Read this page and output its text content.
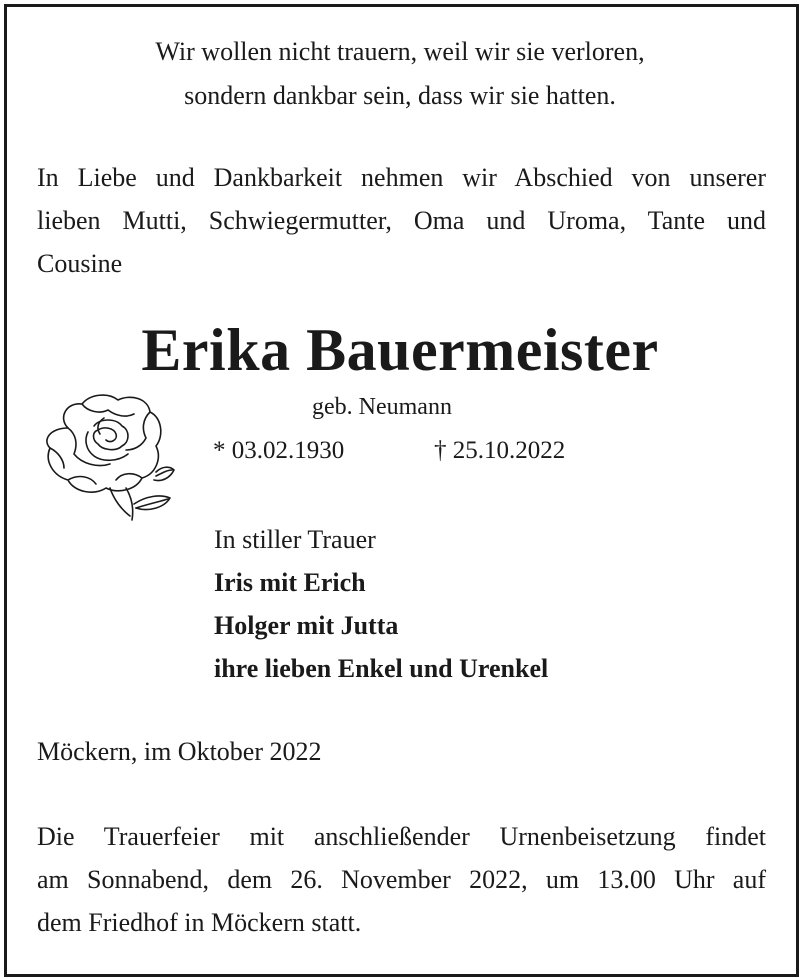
Wir wollen nicht trauern, weil wir sie verloren,
sondern dankbar sein, dass wir sie hatten.
In Liebe und Dankbarkeit nehmen wir Abschied von unserer
lieben Mutti, Schwiegermutter, Oma und Uroma, Tante und
Cousine
Erika Bauermeister
geb. Neumann
* 03.02.1930	† 25.10.2022
In stiller Trauer
Iris mit Erich
Holger mit Jutta
ihre lieben Enkel und Urenkel
Möckern, im Oktober 2022
Die Trauerfeier mit anschließender Urnenbeisetzung findet
am Sonnabend, dem 26. November 2022, um 13.00 Uhr auf
dem Friedhof in Möckern statt.
